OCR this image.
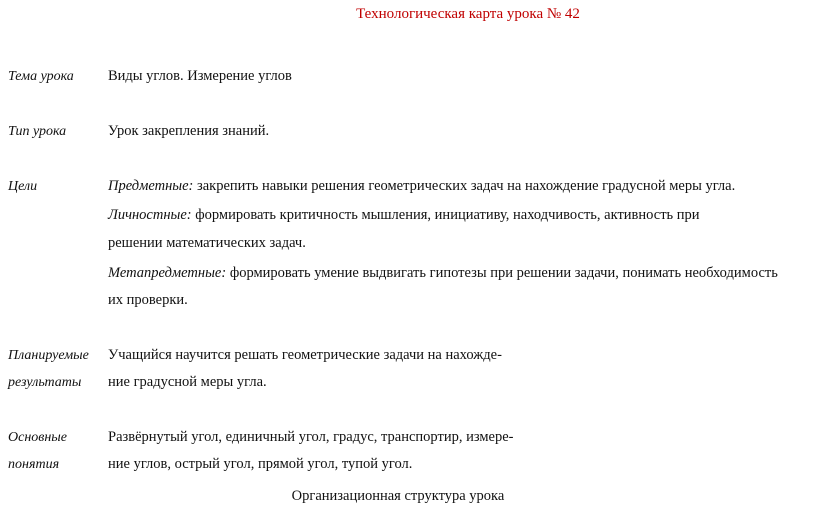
Технологическая карта урока № 42
Тема урока Виды углов. Измерение углов
Тип урока	Урок закрепления знаний.
Цели	Предметные: закрепить навыки решения геометрических задач на нахождение градусной меры угла.
Личностные: формировать критичность мышления, инициативу, находчивость, активность при
решении математических задач.
Метапредметные: формировать умение выдвигать гипотезы при решении задачи, понимать необходимость
их проверки.
Планируемые
результаты
Учащийся научится решать геометрические задачи на нахожде-
ние градусной меры угла.
Основные
понятия
Развёрнутый угол, единичный угол, градус, транспортир, измере-
ние углов, острый угол, прямой угол, тупой угол.
Организационная структура урока
